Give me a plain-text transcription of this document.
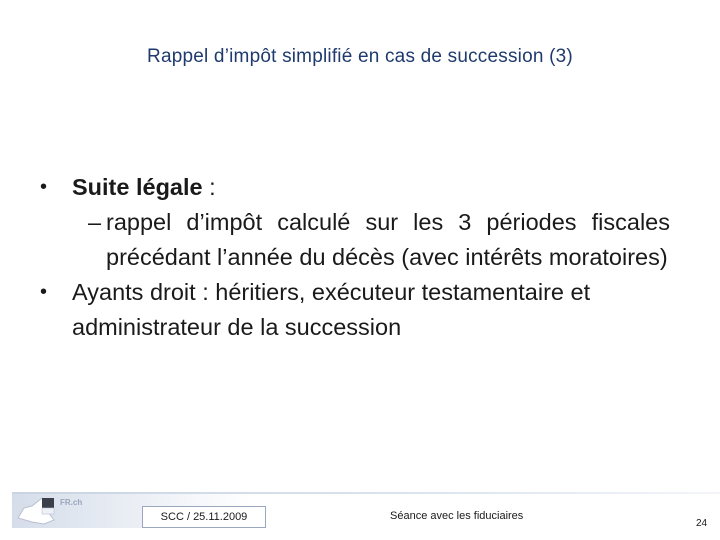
Rappel d’impôt simplifié en cas de succession (3)
• Suite légale :
– rappel d’impôt calculé sur les 3 périodes fiscales précédant l’année du décès (avec intérêts moratoires)
• Ayants droit : héritiers, exécuteur testamentaire et administrateur de la succession
FR.ch
SCC / 25.11.2009	Séance avec les fiduciaires
24
